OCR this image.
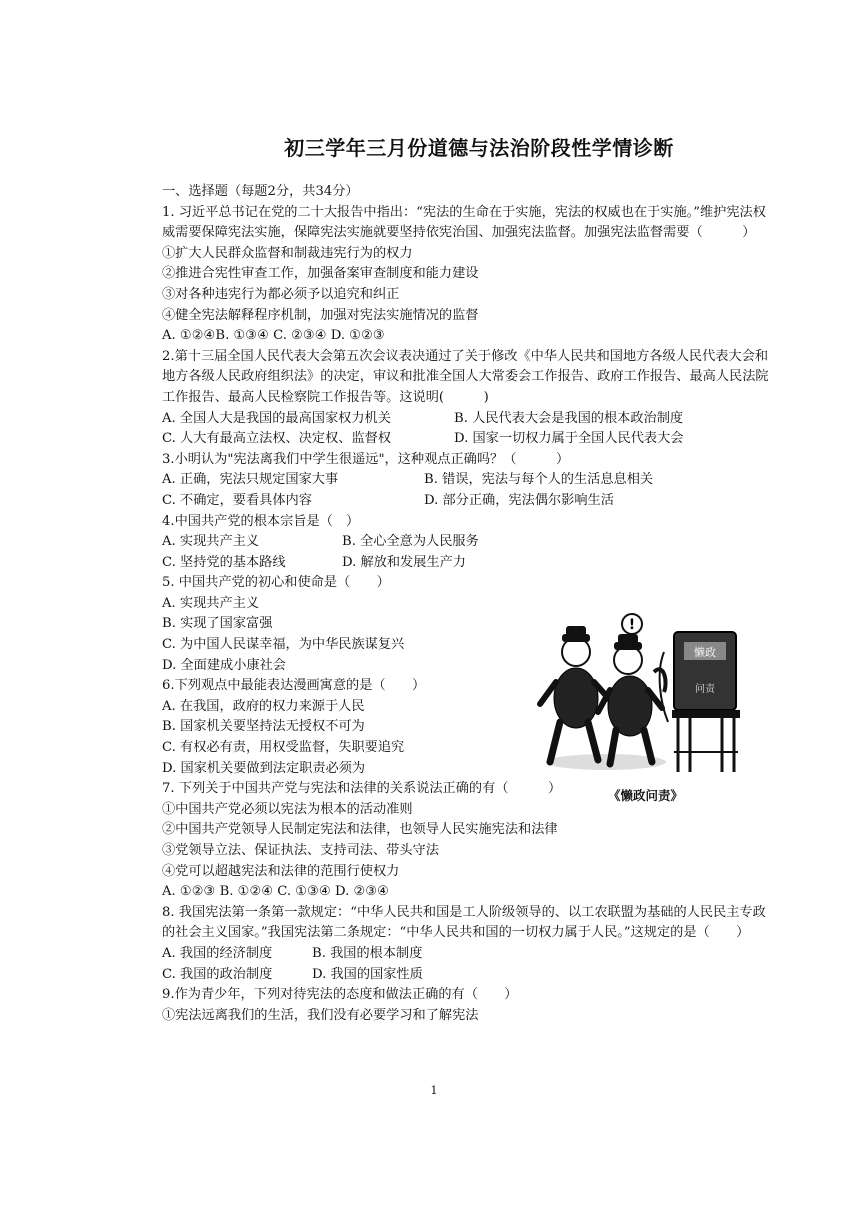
初三学年三月份道德与法治阶段性学情诊断

一、选择题（每题2分，共34分）

1. 习近平总书记在党的二十大报告中指出：“宪法的生命在于实施，宪法的权威也在于实施。”维护宪法权威需要保障宪法实施，保障宪法实施就要坚持依宪治国、加强宪法监督。加强宪法监督需要（　　　）

①扩大人民群众监督和制裁违宪行为的权力

②推进合宪性审查工作，加强备案审查制度和能力建设

③对各种违宪行为都必须予以追究和纠正

④健全宪法解释程序机制，加强对宪法实施情况的监督

A. ①②④B. ①③④ C. ②③④ D. ①②③

2.第十三届全国人民代表大会第五次会议表决通过了关于修改《中华人民共和国地方各级人民代表大会和地方各级人民政府组织法》的决定，审议和批准全国人大常委会工作报告、政府工作报告、最高人民法院工作报告、最高人民检察院工作报告等。这说明(　　　)

A. 全国人大是我国的最高国家权力机关	B. 人民代表大会是我国的根本政治制度

C. 人大有最高立法权、决定权、监督权	D. 国家一切权力属于全国人民代表大会

3.小明认为"宪法离我们中学生很遥远"，这种观点正确吗？（　　　）

A. 正确，宪法只规定国家大事	B. 错误，宪法与每个人的生活息息相关

C. 不确定，要看具体内容	D. 部分正确，宪法偶尔影响生活

4.中国共产党的根本宗旨是（　）

A. 实现共产主义	B. 全心全意为人民服务

C. 坚持党的基本路线	D. 解放和发展生产力

5. 中国共产党的初心和使命是（　　）

A. 实现共产主义

B. 实现了国家富强

C. 为中国人民谋幸福，为中华民族谋复兴

D. 全面建成小康社会

6.下列观点中最能表达漫画寓意的是（　　）

A. 在我国，政府的权力来源于人民

B. 国家机关要坚持法无授权不可为

C. 有权必有责，用权受监督，失职要追究

D. 国家机关要做到法定职责必须为

7. 下列关于中国共产党与宪法和法律的关系说法正确的有（　　　）

①中国共产党必须以宪法为根本的活动准则

②中国共产党领导人民制定宪法和法律，也领导人民实施宪法和法律

③党领导立法、保证执法、支持司法、带头守法

④党可以超越宪法和法律的范围行使权力

A. ①②③ B. ①②④ C. ①③④ D. ②③④

8. 我国宪法第一条第一款规定：“中华人民共和国是工人阶级领导的、以工农联盟为基础的人民民主专政的社会主义国家。”我国宪法第二条规定：“中华人民共和国的一切权力属于人民。”这规定的是（　　）

A. 我国的经济制度	B. 我国的根本制度

C. 我国的政治制度	D. 我国的国家性质

9.作为青少年，下列对待宪法的态度和做法正确的有（　　）

①宪法远离我们的生活，我们没有必要学习和了解宪法

!
懒政
问责
《懒政问责》
1
